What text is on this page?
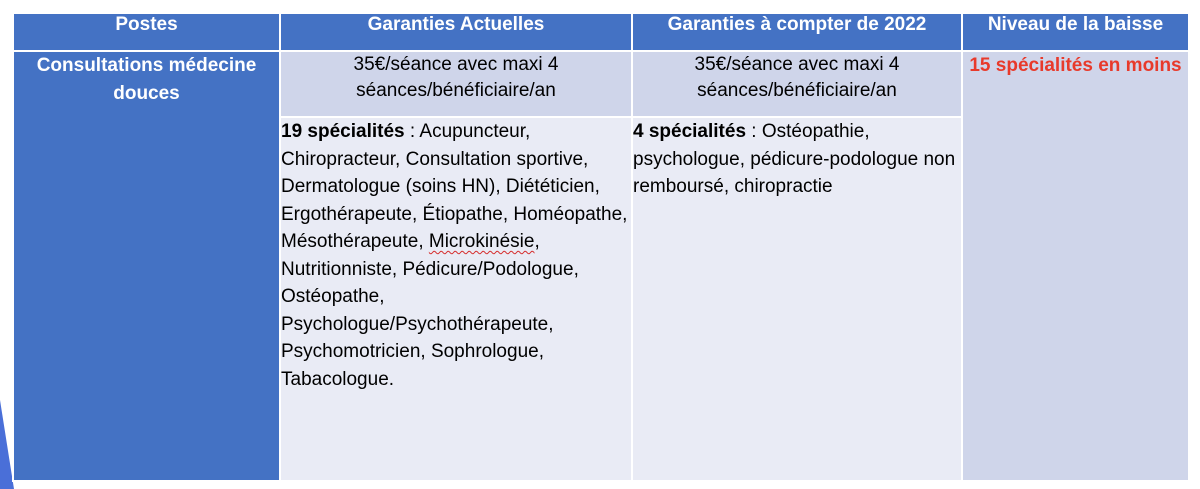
Postes	Garanties Actuelles	Garanties à compter de 2022	Niveau de la baisse
Consultations médecine douces	35€/séance avec maxi 4 séances/bénéficiaire/an	35€/séance avec maxi 4 séances/bénéficiaire/an	15 spécialités en moins
	19 spécialités : Acupuncteur, Chiropracteur, Consultation sportive, Dermatologue (soins HN), Diététicien, Ergothérapeute, Étiopathe, Homéopathe, Mésothérapeute, Microkinésie, Nutritionniste, Pédicure/Podologue, Ostéopathe, Psychologue/Psychothérapeute, Psychomotricien, Sophrologue, Tabacologue.	4 spécialités : Ostéopathie, psychologue, pédicure-podologue non remboursé, chiropractie	
